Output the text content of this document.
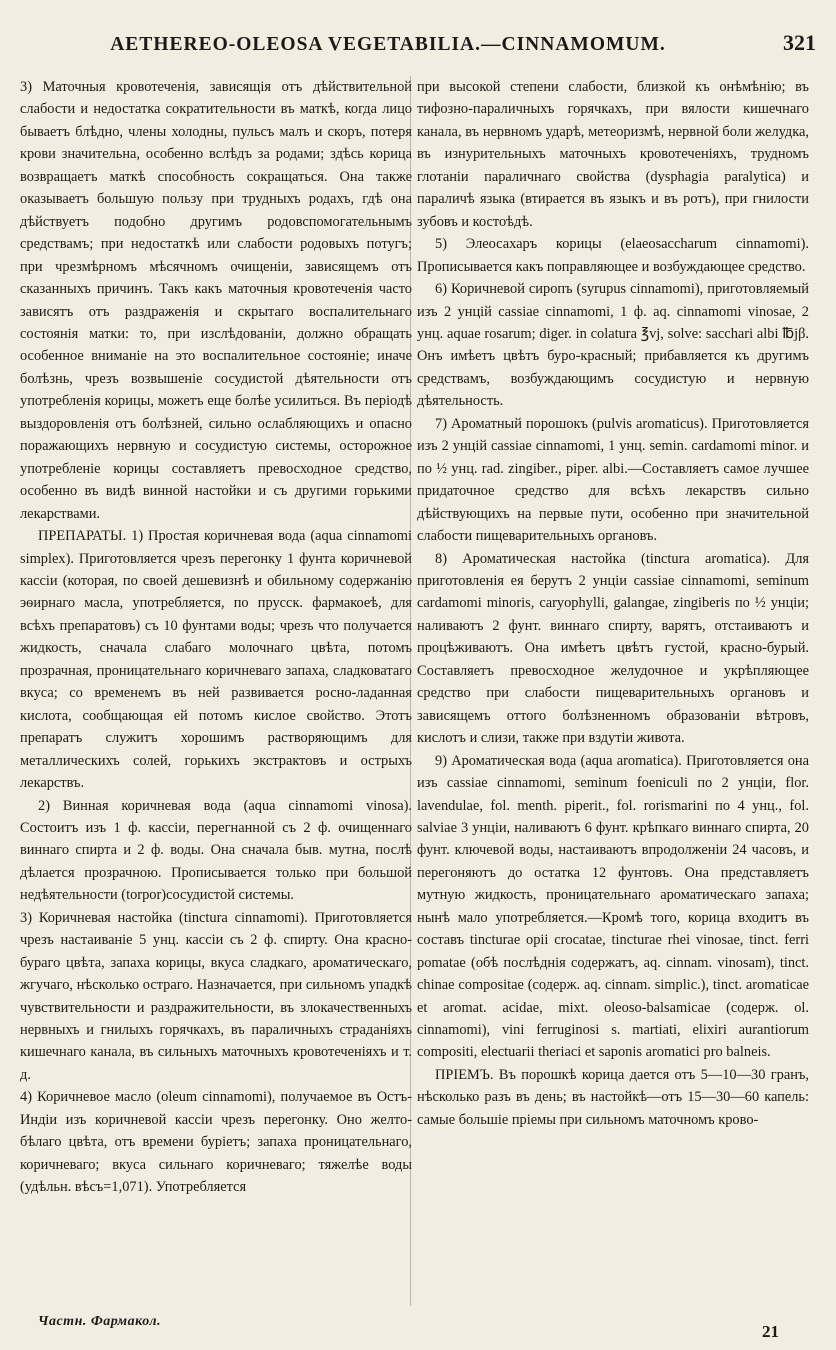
AETHEREO-OLEOSA VEGETABILIA.—CINNAMOMUM.	321

3) Маточныя кровотеченія, зависящія отъ дѣйствительной слабости и недостатка сократительности въ маткѣ, когда лицо бываетъ блѣдно, члены холодны, пульсъ малъ и скоръ, потеря крови значительна, особенно вслѣдъ за родами; здѣсь корица возвращаетъ маткѣ способность сокращаться. Она также оказываетъ большую пользу при трудныхъ родахъ, гдѣ она дѣйствуетъ подобно другимъ родовспомогательнымъ средствамъ; при недостаткѣ или слабости родовыхъ потугъ; при чрезмѣрномъ мѣсячномъ очищеніи, зависящемъ отъ сказанныхъ причинъ. Такъ какъ маточныя кровотеченія часто зависятъ отъ раздраженія и скрытаго воспалительнаго состоянія матки: то, при изслѣдованіи, должно обращать особенное вниманіе на это воспалительное состояніе; иначе болѣзнь, чрезъ возвышеніе сосудистой дѣятельности отъ употребленія корицы, можетъ еще болѣе усилиться. Въ періодѣ выздоровленія отъ болѣзней, сильно ослабляющихъ и опасно поражающихъ нервную и сосудистую системы, осторожное употребленіе корицы составляетъ превосходное средство, особенно въ видѣ винной настойки и съ другими горькими лекарствами.

ПРЕПАРАТЫ. 1) Простая коричневая вода (aqua cinnamomi simplex). Приготовляется чрезъ перегонку 1 фунта коричневой кассіи (которая, по своей дешевизнѣ и обильному содержанію эѳирнаго масла, употребляется, по прусск. фармакоеѣ, для всѣхъ препаратовъ) съ 10 фунтами воды; чрезъ что получается жидкость, сначала слабаго молочнаго цвѣта, потомъ прозрачная, проницательнаго коричневаго запаха, сладковатаго вкуса; со временемъ въ ней развивается росно-ладанная кислота, сообщающая ей потомъ кислое свойство. Этотъ препаратъ служитъ хорошимъ растворяющимъ для металлическихъ солей, горькихъ экстрактовъ и острыхъ лекарствъ.

2) Винная коричневая вода (aqua cinnamomi vinosa). Состоитъ изъ 1 ф. кассіи, перегнанной съ 2 ф. очищеннаго виннаго спирта и 2 ф. воды. Она сначала быв. мутна, послѣ дѣлается прозрачною. Прописывается только при большой недѣятельности (torpor)сосудистой системы.

3) Коричневая настойка (tinctura cinnamomi). Приготовляется чрезъ настаиваніе 5 унц. кассіи съ 2 ф. спирту. Она красно-бураго цвѣта, запаха корицы, вкуса сладкаго, ароматическаго, жгучаго, нѣсколько остраго. Назначается, при сильномъ упадкѣ чувствительности и раздражительности, въ злокачественныхъ нервныхъ и гнилыхъ горячкахъ, въ параличныхъ страданіяхъ кишечнаго канала, въ сильныхъ маточныхъ кровотеченіяхъ и т. д.

4) Коричневое масло (oleum cinnamomi), получаемое въ Остъ-Индіи изъ коричневой кассіи чрезъ перегонку. Оно желто-бѣлаго цвѣта, отъ времени буріетъ; запаха проницательнаго, коричневаго; вкуса сильнаго коричневаго; тяжелѣе воды (удѣльн. вѣсъ=1,071). Употребляется

при высокой степени слабости, близкой къ онѣмѣнію; въ тифозно-параличныхъ горячкахъ, при вялости кишечнаго канала, въ нервномъ ударѣ, метеоризмѣ, нервной боли желудка, въ изнурительныхъ маточныхъ кровотеченіяхъ, трудномъ глотаніи параличнаго свойства (dysphagia paralytica) и параличѣ языка (втирается въ языкъ и въ ротъ), при гнилости зубовъ и костоѣдѣ.

5) Элеосахаръ корицы (elaeosaccharum cinnamomi). Прописывается какъ поправляющее и возбуждающее средство.

6) Коричневой сиропъ (syrupus cinnamomi), приготовляемый изъ 2 унцій cassiae cinnamomi, 1 ф. aq. cinnamomi vinosae, 2 унц. aquae rosarum; diger. in colatura ℥vj, solve: sacchari albi ℔jβ. Онъ имѣетъ цвѣтъ буро-красный; прибавляется къ другимъ средствамъ, возбуждающимъ сосудистую и нервную дѣятельность.

7) Ароматный порошокъ (pulvis aromaticus). Приготовляется изъ 2 унцій cassiae cinnamomi, 1 унц. semin. cardamomi minor. и по ½ унц. rad. zingiber., piper. albi.—Составляетъ самое лучшее придаточное средство для всѣхъ лекарствъ сильно дѣйствующихъ на первые пути, особенно при значительной слабости пищеварительныхъ органовъ.

8) Ароматическая настойка (tinctura aromatica). Для приготовленія ея берутъ 2 унціи cassiae cinnamomi, seminum cardamomi minoris, caryophylli, galangae, zingiberis по ½ унціи; наливаютъ 2 фунт. виннаго спирту, варятъ, отстаиваютъ и процѣживаютъ. Она имѣетъ цвѣтъ густой, красно-бурый. Составляетъ превосходное желудочное и укрѣпляющее средство при слабости пищеварительныхъ органовъ и зависящемъ оттого болѣзненномъ образованіи вѣтровъ, кислотъ и слизи, также при вздутіи живота.

9) Ароматическая вода (aqua aromatica). Приготовляется она изъ cassiae cinnamomi, seminum foeniculi по 2 унціи, flor. lavendulae, fol. menth. piperit., fol. rorismarini по 4 унц., fol. salviae 3 унціи, наливаютъ 6 фунт. крѣпкаго виннаго спирта, 20 фунт. ключевой воды, настаиваютъ впродолженіи 24 часовъ, и перегоняютъ до остатка 12 фунтовъ. Она представляетъ мутную жидкость, проницательнаго ароматическаго запаха; нынѣ мало употребляется.—Кромѣ того, корица входитъ въ составъ tincturae opii crocatae, tincturae rhei vinosae, tinct. ferri pomatae (обѣ послѣднія содержатъ, aq. cinnam. vinosam), tinct. chinae compositae (содерж. aq. cinnam. simplic.), tinct. aromaticae et aromat. acidae, mixt. oleoso-balsamicae (содерж. ol. cinnamomi), vini ferruginosi s. martiati, elixiri aurantiorum compositi, electuarii theriaci et saponis aromatici pro balneis.

ПРІЕМЪ. Въ порошкѣ корица дается отъ 5—10—30 гранъ, нѣсколько разъ въ день; въ настойкѣ—отъ 15—30—60 капель: самые большіе пріемы при сильномъ маточномъ крово-

Частн. Фармакол.
21
